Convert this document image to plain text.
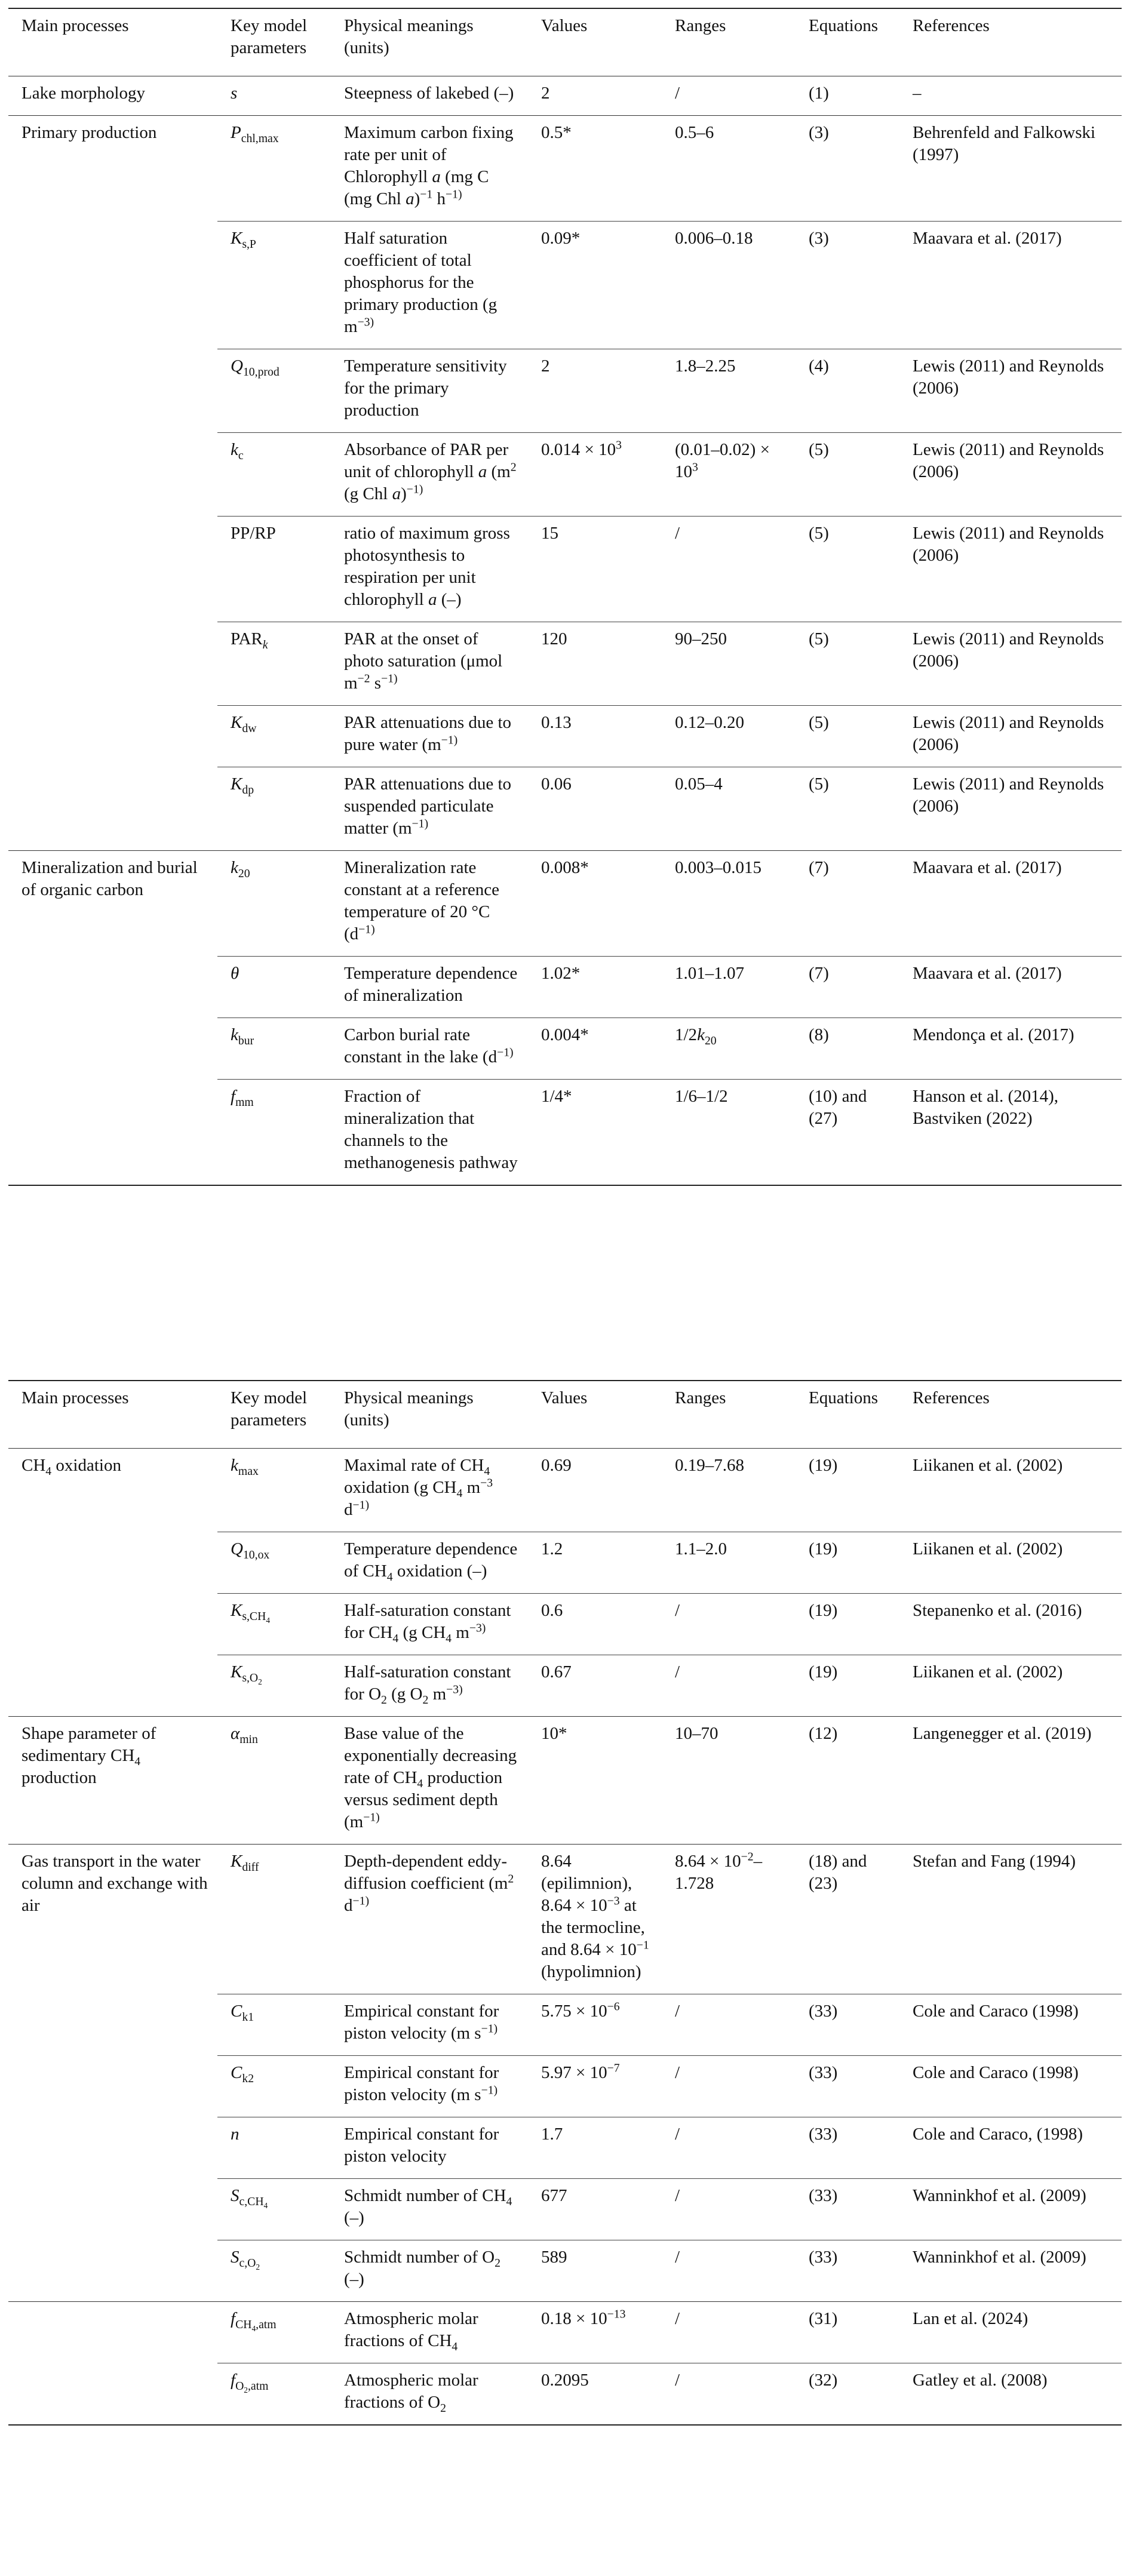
Main processes	Key model parameters	Physical meanings (units)	Values	Ranges	Equations	References
Lake morphology	s	Steepness of lakebed (–)	2	/	(1)	–
Primary production	$P_{chl,max}$	Maximum carbon fixing rate per unit of Chlorophyll a (mg C (mg Chl a)$^{-1}$ $h^{-1)}$	0.5*	0.5–6	(3)	Behrenfeld and Falkowski (1997)
	$K_{s,P}$	Half saturation coefficient of total phosphorus for the primary production (g $m^{-3)}$	0.09*	0.006–0.18	(3)	Maavara et al. (2017)
	$Q_{10,prod}$	Temperature sensitivity for the primary production	2	1.8–2.25	(4)	Lewis (2011) and Reynolds (2006)
	$k_c$	Absorbance of PAR per unit of chlorophyll a ($m^2$ (g Chl a)$^{-1)}$	$0.014 \times 10^3$	$(0.01-0.02) \times 10^3$	(5)	Lewis (2011) and Reynolds (2006)
	PP/RP	ratio of maximum gross photosynthesis to respiration per unit chlorophyll a (–)	15	/	(5)	Lewis (2011) and Reynolds (2006)
	$PAR_k$	PAR at the onset of photo saturation (μmol $m^{-2}$ $s^{-1)}$	120	90–250	(5)	Lewis (2011) and Reynolds (2006)
	$K_{dw}$	PAR attenuations due to pure water ($m^{-1)}$	0.13	0.12–0.20	(5)	Lewis (2011) and Reynolds (2006)
	$K_{dp}$	PAR attenuations due to suspended particulate matter ($m^{-1)}$	0.06	0.05–4	(5)	Lewis (2011) and Reynolds (2006)
Mineralization and burial of organic carbon	$k_{20}$	Mineralization rate constant at a reference temperature of 20 °C ($d^{-1)}$	0.008*	0.003–0.015	(7)	Maavara et al. (2017)
	θ	Temperature dependence of mineralization	1.02*	1.01–1.07	(7)	Maavara et al. (2017)
	$k_{bur}$	Carbon burial rate constant in the lake ($d^{-1)}$	0.004*	$1/2k_{20}$	(8)	Mendonça et al. (2017)
	$f_{mm}$	Fraction of mineralization that channels to the methanogenesis pathway	1/4*	1/6–1/2	(10) and (27)	Hanson et al. (2014), Bastviken (2022)
Main processes	Key model parameters	Physical meanings (units)	Values	Ranges	Equations	References
$CH_4$ oxidation	$k_{max}$	Maximal rate of $CH_4$ oxidation (g $CH_4$ $m^{-3}$ $d^{-1)}$	0.69	0.19–7.68	(19)	Liikanen et al. (2002)
	$Q_{10,ox}$	Temperature dependence of $CH_4$ oxidation (–)	1.2	1.1–2.0	(19)	Liikanen et al. (2002)
	$K_{s,CH_4}$	Half-saturation constant for $CH_4$ (g $CH_4$ $m^{-3)}$	0.6	/	(19)	Stepanenko et al. (2016)
	$K_{s,O_2}$	Half-saturation constant for $O_2$ (g $O_2$ $m^{-3)}$	0.67	/	(19)	Liikanen et al. (2002)
Shape parameter of sedimentary $CH_4$ production	$\alpha_{min}$	Base value of the exponentially decreasing rate of $CH_4$ production versus sediment depth ($m^{-1)}$	10*	10–70	(12)	Langenegger et al. (2019)
Gas transport in the water column and exchange with air	$K_{diff}$	Depth-dependent eddy-diffusion coefficient ($m^2$ $d^{-1)}$	8.64 (epilimnion), $8.64 \times 10^{-3}$ at the termocline, and $8.64 \times 10^{-1}$ (hypolimnion)	$8.64 \times 10^{-2}-1.728$	(18) and (23)	Stefan and Fang (1994)
	$C_{k1}$	Empirical constant for piston velocity (m $s^{-1)}$	$5.75 \times 10^{-6}$	/	(33)	Cole and Caraco (1998)
	$C_{k2}$	Empirical constant for piston velocity (m $s^{-1)}$	$5.97 \times 10^{-7}$	/	(33)	Cole and Caraco (1998)
	n	Empirical constant for piston velocity	1.7	/	(33)	Cole and Caraco, (1998)
	$S_{c,CH_4}$	Schmidt number of $CH_4$ (–)	677	/	(33)	Wanninkhof et al. (2009)
	$S_{c,O_2}$	Schmidt number of $O_2$ (–)	589	/	(33)	Wanninkhof et al. (2009)
	$f_{CH_4,atm}$	Atmospheric molar fractions of $CH_4$	$0.18 \times 10^{-13}$	/	(31)	Lan et al. (2024)
	$f_{O_2,atm}$	Atmospheric molar fractions of $O_2$	0.2095	/	(32)	Gatley et al. (2008)
